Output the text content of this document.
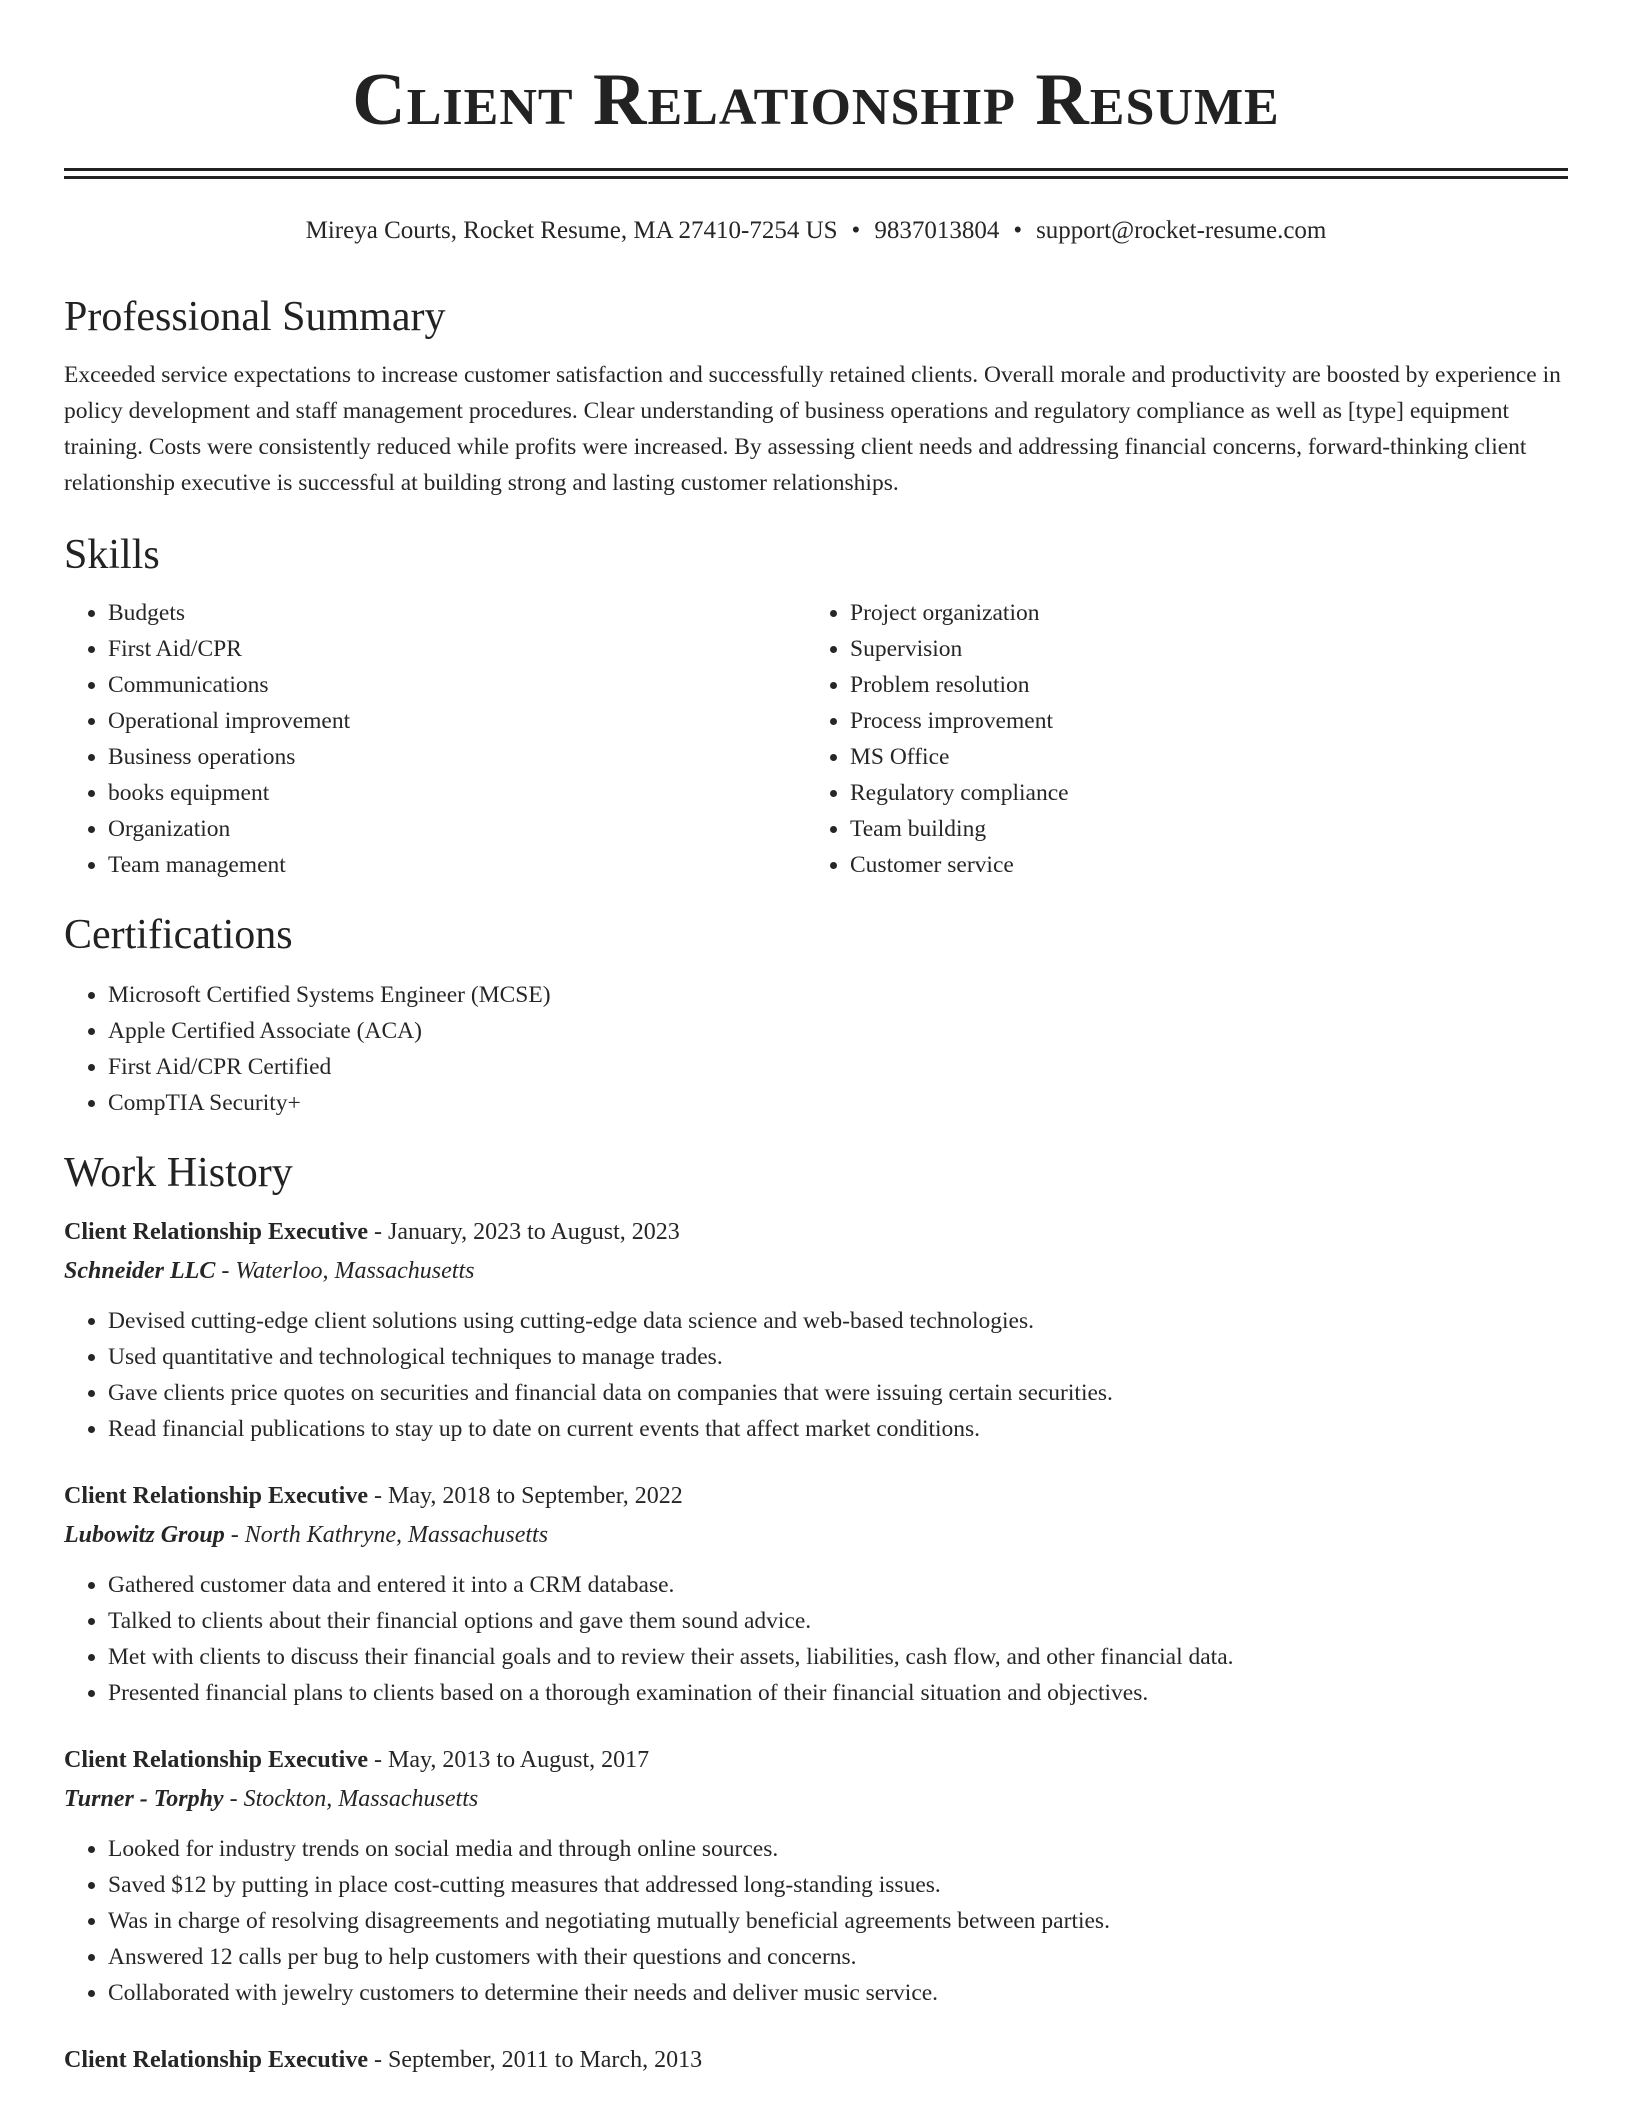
Client Relationship Resume
Mireya Courts, Rocket Resume, MA 27410-7254 US • 9837013804 • support@rocket-resume.com
Professional Summary

Exceeded service expectations to increase customer satisfaction and successfully retained clients. Overall morale and productivity are boosted by experience in policy development and staff management procedures. Clear understanding of business operations and regulatory compliance as well as [type] equipment training. Costs were consistently reduced while profits were increased. By assessing client needs and addressing financial concerns, forward-thinking client relationship executive is successful at building strong and lasting customer relationships.

Skills
• Budgets
• First Aid/CPR
• Communications
• Operational improvement
• Business operations
• books equipment
• Organization
• Team management
• Project organization
• Supervision
• Problem resolution
• Process improvement
• MS Office
• Regulatory compliance
• Team building
• Customer service
Certifications
• Microsoft Certified Systems Engineer (MCSE)
• Apple Certified Associate (ACA)
• First Aid/CPR Certified
• CompTIA Security+
Work History
Client Relationship Executive - January, 2023 to August, 2023
Schneider LLC - Waterloo, Massachusetts
• Devised cutting-edge client solutions using cutting-edge data science and web-based technologies.
• Used quantitative and technological techniques to manage trades.
• Gave clients price quotes on securities and financial data on companies that were issuing certain securities.
• Read financial publications to stay up to date on current events that affect market conditions.
Client Relationship Executive - May, 2018 to September, 2022
Lubowitz Group - North Kathryne, Massachusetts
• Gathered customer data and entered it into a CRM database.
• Talked to clients about their financial options and gave them sound advice.
• Met with clients to discuss their financial goals and to review their assets, liabilities, cash flow, and other financial data.
• Presented financial plans to clients based on a thorough examination of their financial situation and objectives.
Client Relationship Executive - May, 2013 to August, 2017
Turner - Torphy - Stockton, Massachusetts
• Looked for industry trends on social media and through online sources.
• Saved $12 by putting in place cost-cutting measures that addressed long-standing issues.
• Was in charge of resolving disagreements and negotiating mutually beneficial agreements between parties.
• Answered 12 calls per bug to help customers with their questions and concerns.
• Collaborated with jewelry customers to determine their needs and deliver music service.
Client Relationship Executive - September, 2011 to March, 2013
